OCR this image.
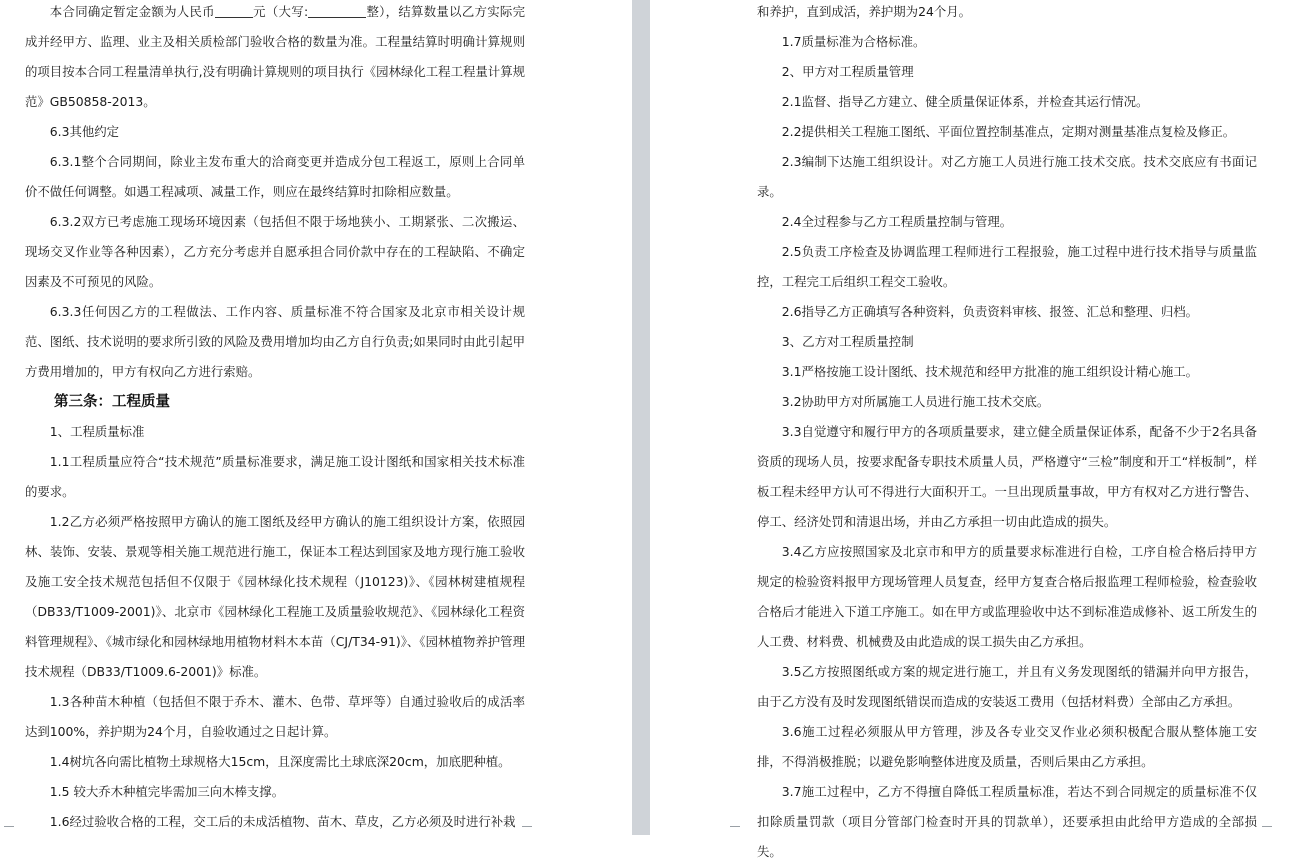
本合同确定暂定金额为人民币	元（大写:	整），结算数量以乙方实际完成并经甲方、监理、业主及相关质检部门验收合格的数量为准。工程量结算时明确计算规则的项目按本合同工程量清单执行,没有明确计算规则的项目执行《园林绿化工程工程量计算规范》GB50858-2013。

6.3其他约定

6.3.1整个合同期间，除业主发布重大的洽商变更并造成分包工程返工，原则上合同单价不做任何调整。如遇工程减项、减量工作，则应在最终结算时扣除相应数量。

6.3.2双方已考虑施工现场环境因素（包括但不限于场地狭小、工期紧张、二次搬运、现场交叉作业等各种因素），乙方充分考虑并自愿承担合同价款中存在的工程缺陷、不确定因素及不可预见的风险。

6.3.3任何因乙方的工程做法、工作内容、质量标准不符合国家及北京市相关设计规范、图纸、技术说明的要求所引致的风险及费用增加均由乙方自行负责;如果同时由此引起甲方费用增加的，甲方有权向乙方进行索赔。

第三条：工程质量

1、工程质量标准

1.1工程质量应符合“技术规范”质量标准要求，满足施工设计图纸和国家相关技术标准的要求。

1.2乙方必须严格按照甲方确认的施工图纸及经甲方确认的施工组织设计方案，依照园林、装饰、安装、景观等相关施工规范进行施工，保证本工程达到国家及地方现行施工验收及施工安全技术规范包括但不仅限于《园林绿化技术规程（J10123)》、《园林树建植规程（DB33/T1009-2001)》、北京市《园林绿化工程施工及质量验收规范》、《园林绿化工程资料管理规程》、《城市绿化和园林绿地用植物材料木本苗（CJ/T34-91)》、《园林植物养护管理技术规程（DB33/T1009.6-2001)》标准。

1.3各种苗木种植（包括但不限于乔木、灌木、色带、草坪等）自通过验收后的成活率达到100%，养护期为24个月，自验收通过之日起计算。

1.4树坑各向需比植物土球规格大15cm，且深度需比土球底深20cm，加底肥种植。

1.5 较大乔木种植完毕需加三向木棒支撑。

1.6经过验收合格的工程，交工后的未成活植物、苗木、草皮，乙方必须及时进行补栽

和养护，直到成活，养护期为24个月。

1.7质量标准为合格标准。

2、甲方对工程质量管理

2.1监督、指导乙方建立、健全质量保证体系，并检查其运行情况。

2.2提供相关工程施工图纸、平面位置控制基准点，定期对测量基准点复检及修正。

2.3编制下达施工组织设计。对乙方施工人员进行施工技术交底。技术交底应有书面记录。

2.4全过程参与乙方工程质量控制与管理。

2.5负责工序检查及协调监理工程师进行工程报验，施工过程中进行技术指导与质量监控，工程完工后组织工程交工验收。

2.6指导乙方正确填写各种资料，负责资料审核、报签、汇总和整理、归档。

3、乙方对工程质量控制

3.1严格按施工设计图纸、技术规范和经甲方批准的施工组织设计精心施工。

3.2协助甲方对所属施工人员进行施工技术交底。

3.3自觉遵守和履行甲方的各项质量要求，建立健全质量保证体系，配备不少于2名具备资质的现场人员，按要求配备专职技术质量人员，严格遵守“三检”制度和开工“样板制”，样板工程未经甲方认可不得进行大面积开工。一旦出现质量事故，甲方有权对乙方进行警告、停工、经济处罚和清退出场，并由乙方承担一切由此造成的损失。

3.4乙方应按照国家及北京市和甲方的质量要求标准进行自检，工序自检合格后持甲方规定的检验资料报甲方现场管理人员复查，经甲方复查合格后报监理工程师检验，检查验收合格后才能进入下道工序施工。如在甲方或监理验收中达不到标准造成修补、返工所发生的人工费、材料费、机械费及由此造成的误工损失由乙方承担。

3.5乙方按照图纸或方案的规定进行施工，并且有义务发现图纸的错漏并向甲方报告，由于乙方没有及时发现图纸错误而造成的安装返工费用（包括材料费）全部由乙方承担。

3.6施工过程必须服从甲方管理，涉及各专业交叉作业必须积极配合服从整体施工安排，不得消极推脱；以避免影响整体进度及质量，否则后果由乙方承担。

3.7施工过程中，乙方不得擅自降低工程质量标准，若达不到合同规定的质量标准不仅扣除质量罚款（项目分管部门检查时开具的罚款单），还要承担由此给甲方造成的全部损失。
